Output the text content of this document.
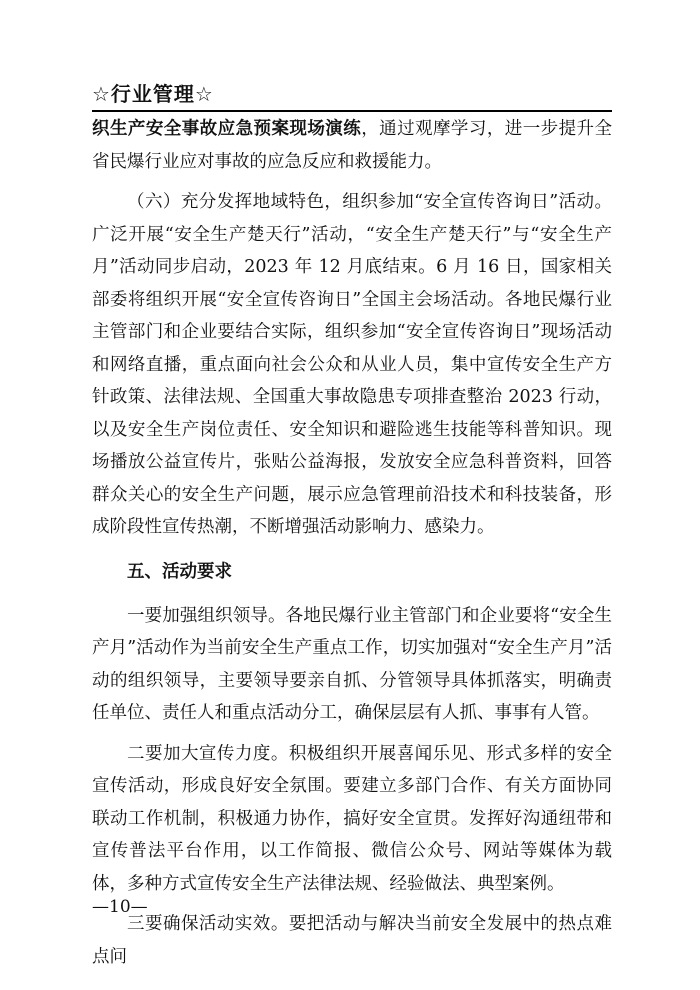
☆行业管理☆

织生产安全事故应急预案现场演练，通过观摩学习，进一步提升全省民爆行业应对事故的应急反应和救援能力。

（六）充分发挥地域特色，组织参加“安全宣传咨询日”活动。广泛开展“安全生产楚天行”活动，“安全生产楚天行”与“安全生产月”活动同步启动，2023 年 12 月底结束。6 月 16 日，国家相关部委将组织开展“安全宣传咨询日”全国主会场活动。各地民爆行业主管部门和企业要结合实际，组织参加“安全宣传咨询日”现场活动和网络直播，重点面向社会公众和从业人员，集中宣传安全生产方针政策、法律法规、全国重大事故隐患专项排查整治 2023 行动，以及安全生产岗位责任、安全知识和避险逃生技能等科普知识。现场播放公益宣传片，张贴公益海报，发放安全应急科普资料，回答群众关心的安全生产问题，展示应急管理前沿技术和科技装备，形成阶段性宣传热潮，不断增强活动影响力、感染力。

五、活动要求

一要加强组织领导。各地民爆行业主管部门和企业要将“安全生产月”活动作为当前安全生产重点工作，切实加强对“安全生产月”活动的组织领导，主要领导要亲自抓、分管领导具体抓落实，明确责任单位、责任人和重点活动分工，确保层层有人抓、事事有人管。

二要加大宣传力度。积极组织开展喜闻乐见、形式多样的安全宣传活动，形成良好安全氛围。要建立多部门合作、有关方面协同联动工作机制，积极通力协作，搞好安全宣贯。发挥好沟通纽带和宣传普法平台作用，以工作简报、微信公众号、网站等媒体为载体，多种方式宣传安全生产法律法规、经验做法、典型案例。

三要确保活动实效。要把活动与解决当前安全发展中的热点难点问

—10—
